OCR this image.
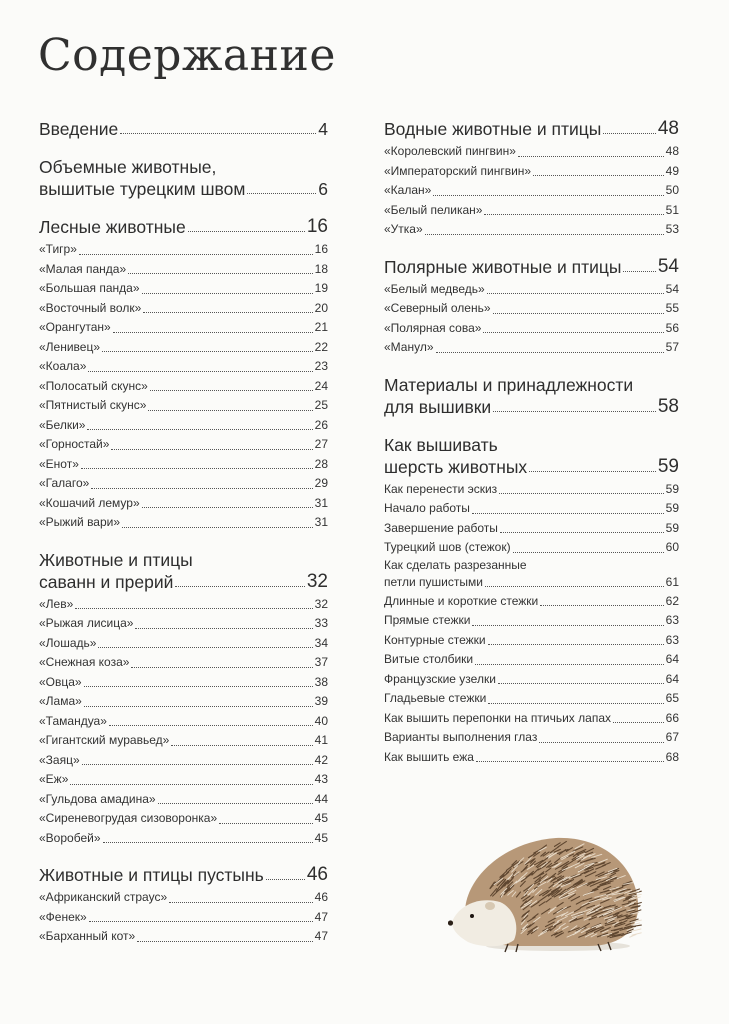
Содержание
Введение	4
Объемные животные,
вышитые турецким швом	6
Лесные животные	16
«Тигр»	16
«Малая панда»	18
«Большая панда»	19
«Восточный волк»	20
«Орангутан»	21
«Ленивец»	22
«Коала»	23
«Полосатый скунс»	24
«Пятнистый скунс»	25
«Белки»	26
«Горностай»	27
«Енот»	28
«Галаго»	29
«Кошачий лемур»	31
«Рыжий вари»	31
Животные и птицы
саванн и прерий	32
«Лев»	32
«Рыжая лисица»	33
«Лошадь»	34
«Снежная коза»	37
«Овца»	38
«Лама»	39
«Тамандуа»	40
«Гигантский муравьед»	41
«Заяц»	42
«Еж»	43
«Гульдова амадина»	44
«Сиреневогрудая сизоворонка»	45
«Воробей»	45
Животные и птицы пустынь 46
«Африканский страус»	46
«Фенек»	47
«Барханный кот»	47
Водные животные и птицы	48
«Королевский пингвин»	48
«Императорский пингвин»	49
«Калан»	50
«Белый пеликан»	51
«Утка»	53
Полярные животные и птицы 54
«Белый медведь»	54
«Северный олень»	55
«Полярная сова»	56
«Манул»	57
Материалы и принадлежности
для вышивки	58
Как вышивать
шерсть животных	59
Как перенести эскиз	59
Начало работы	59
Завершение работы	59
Турецкий шов (стежок)	60
Как сделать разрезанные
петли пушистыми	61
Длинные и короткие стежки	62
Прямые стежки	63
Контурные стежки	63
Витые столбики	64
Французские узелки	64
Гладьевые стежки	65
Как вышить перепонки на птичьих лапах	66
Варианты выполнения глаз	67
Как вышить ежа	68
